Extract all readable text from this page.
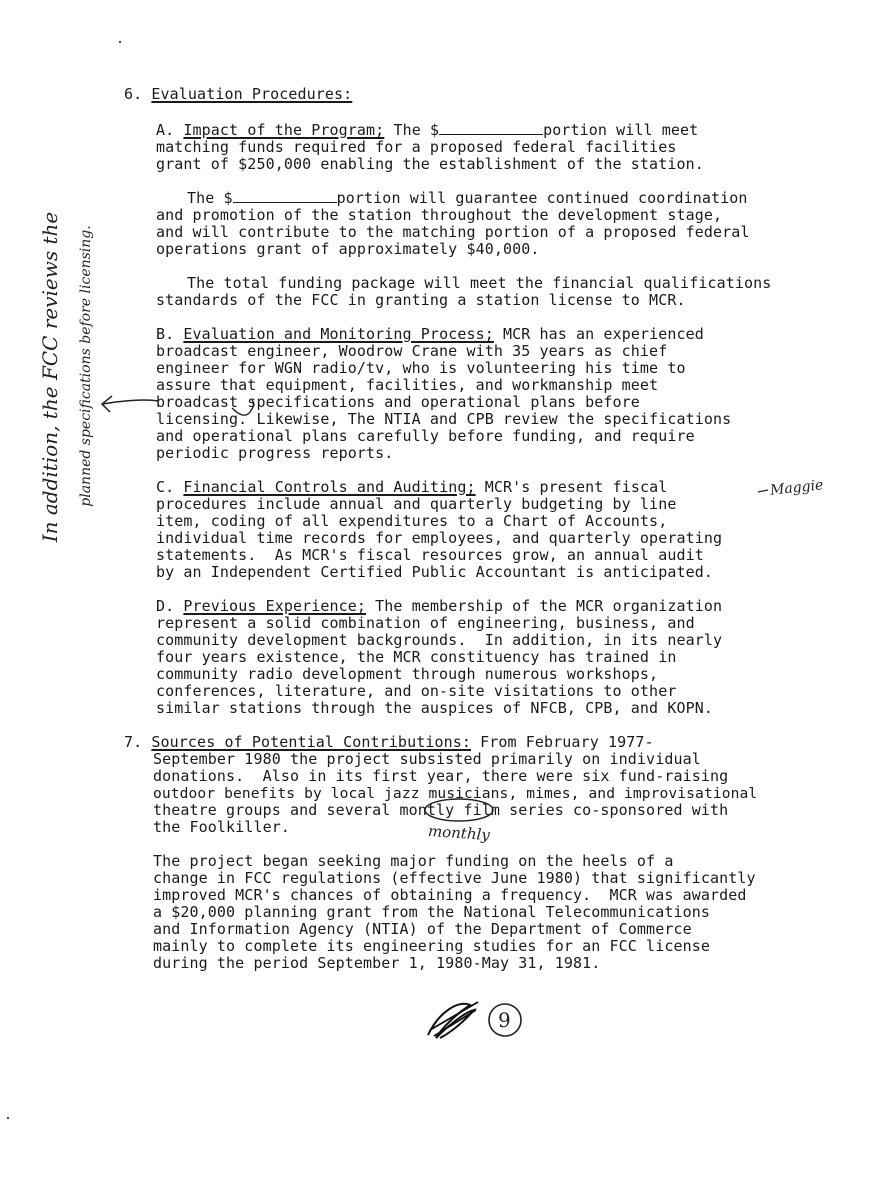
6. Evaluation Procedures:
A. Impact of the Program; The $	portion will meet
matching funds required for a proposed federal facilities
grant of $250,000 enabling the establishment of the station.
The $	portion will guarantee continued coordination
and promotion of the station throughout the development stage,
and will contribute to the matching portion of a proposed federal
operations grant of approximately $40,000.
The total funding package will meet the financial qualifications
standards of the FCC in granting a station license to MCR.
B. Evaluation and Monitoring Process; MCR has an experienced
broadcast engineer, Woodrow Crane with 35 years as chief
engineer for WGN radio/tv, who is volunteering his time to
assure that equipment, facilities, and workmanship meet
broadcast specifications and operational plans before
licensing. Likewise, The NTIA and CPB review the specifications
and operational plans carefully before funding, and require
periodic progress reports.
C. Financial Controls and Auditing; MCR's present fiscal
procedures include annual and quarterly budgeting by line
item, coding of all expenditures to a Chart of Accounts,
individual time records for employees, and quarterly operating
statements.  As MCR's fiscal resources grow, an annual audit
by an Independent Certified Public Accountant is anticipated.
D. Previous Experience; The membership of the MCR organization
represent a solid combination of engineering, business, and
community development backgrounds.  In addition, in its nearly
four years existence, the MCR constituency has trained in
community radio development through numerous workshops,
conferences, literature, and on-site visitations to other
similar stations through the auspices of NFCB, CPB, and KOPN.
7. Sources of Potential Contributions: From February 1977-
September 1980 the project subsisted primarily on individual
donations.  Also in its first year, there were six fund-raising
outdoor benefits by local jazz musicians, mimes, and improvisational
theatre groups and several montly film series co-sponsored with
the Foolkiller.
The project began seeking major funding on the heels of a
change in FCC regulations (effective June 1980) that significantly
improved MCR's chances of obtaining a frequency.  MCR was awarded
a $20,000 planning grant from the National Telecommunications
and Information Agency (NTIA) of the Department of Commerce
mainly to complete its engineering studies for an FCC license
during the period September 1, 1980-May 31, 1981.
In addition, the FCC reviews the planned specifications before licensing.
monthly
Maggie
9
